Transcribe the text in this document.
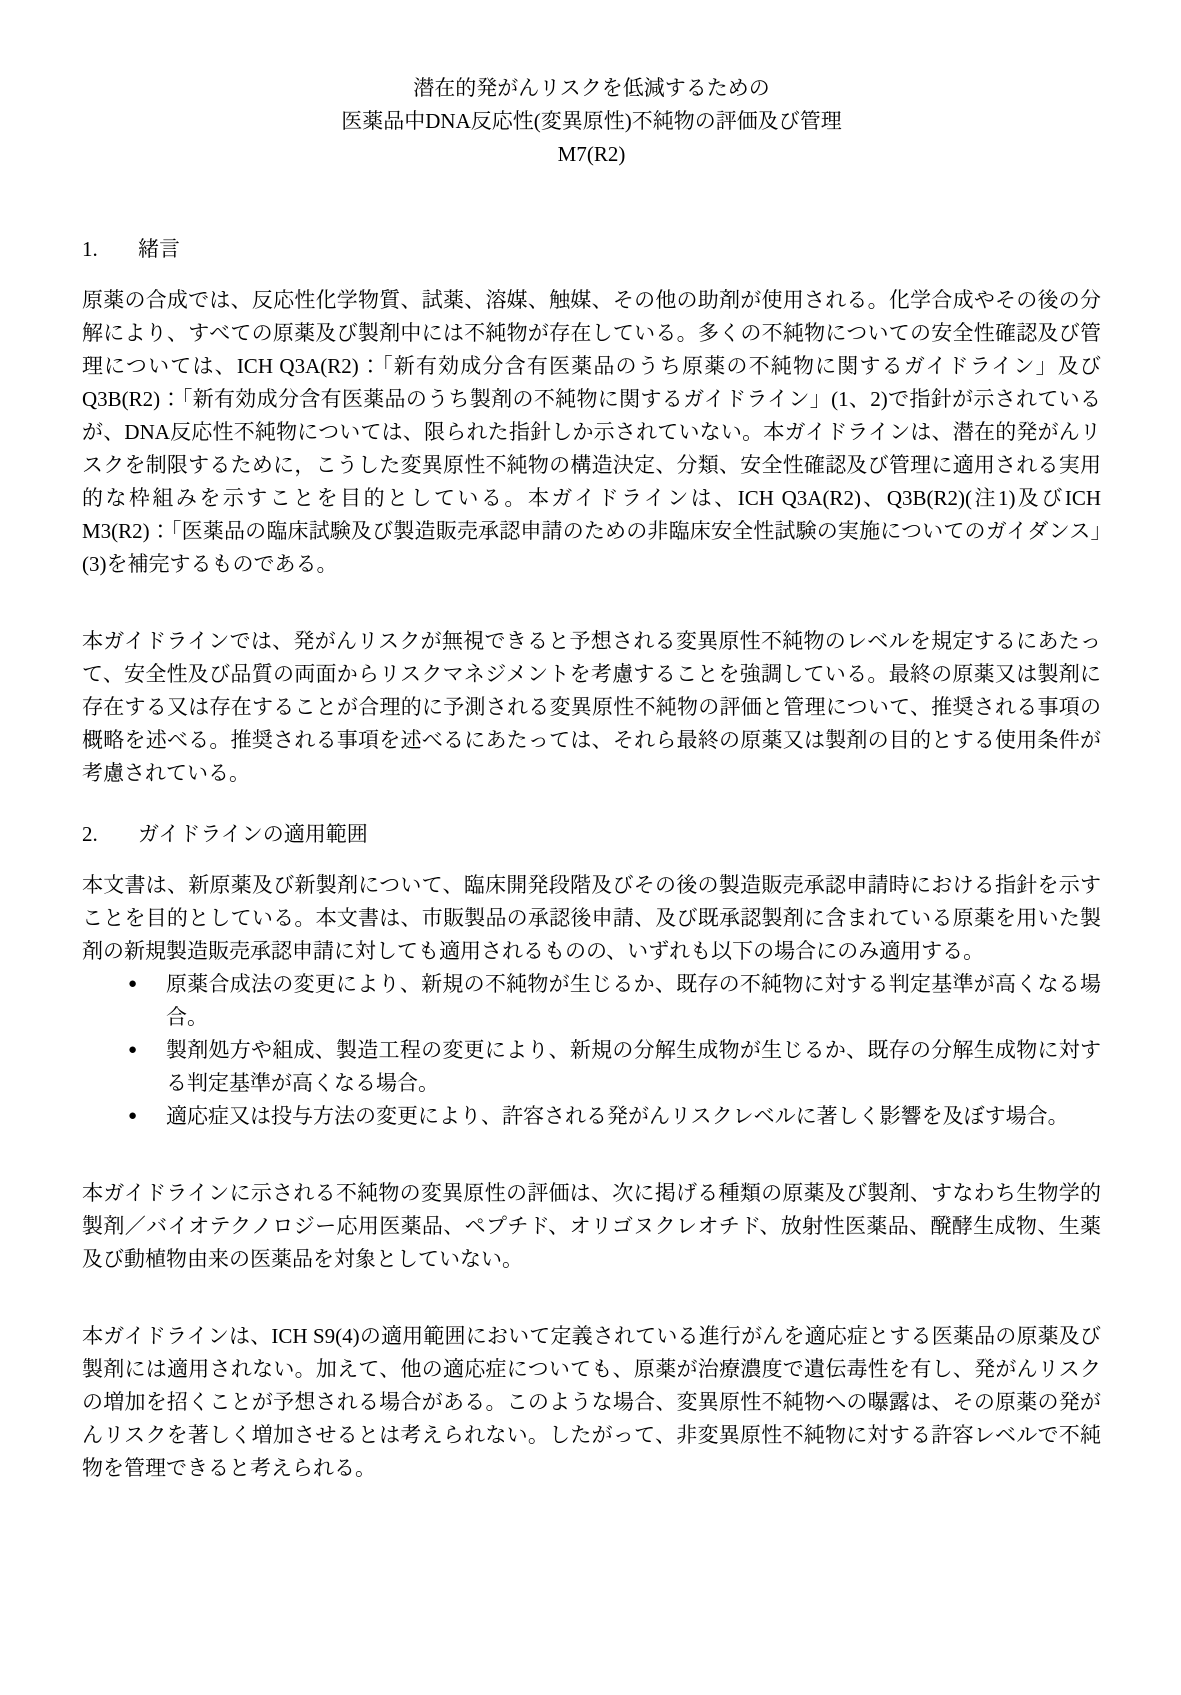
潜在的発がんリスクを低減するための
医薬品中DNA反応性(変異原性)不純物の評価及び管理
M7(R2)
1. 緒言

原薬の合成では、反応性化学物質、試薬、溶媒、触媒、その他の助剤が使用される。化学合成やその後の分解により、すべての原薬及び製剤中には不純物が存在している。多くの不純物についての安全性確認及び管理については、ICH Q3A(R2)：「新有効成分含有医薬品のうち原薬の不純物に関するガイドライン」及びQ3B(R2)：「新有効成分含有医薬品のうち製剤の不純物に関するガイドライン」(1、2)で指針が示されているが、DNA反応性不純物については、限られた指針しか示されていない。本ガイドラインは、潜在的発がんリスクを制限するために，こうした変異原性不純物の構造決定、分類、安全性確認及び管理に適用される実用的な枠組みを示すことを目的としている。本ガイドラインは、ICH Q3A(R2)、Q3B(R2)(注1)及びICH M3(R2)：「医薬品の臨床試験及び製造販売承認申請のための非臨床安全性試験の実施についてのガイダンス」(3)を補完するものである。

本ガイドラインでは、発がんリスクが無視できると予想される変異原性不純物のレベルを規定するにあたって、安全性及び品質の両面からリスクマネジメントを考慮することを強調している。最終の原薬又は製剤に存在する又は存在することが合理的に予測される変異原性不純物の評価と管理について、推奨される事項の概略を述べる。推奨される事項を述べるにあたっては、それら最終の原薬又は製剤の目的とする使用条件が考慮されている。

2. ガイドラインの適用範囲

本文書は、新原薬及び新製剤について、臨床開発段階及びその後の製造販売承認申請時における指針を示すことを目的としている。本文書は、市販製品の承認後申請、及び既承認製剤に含まれている原薬を用いた製剤の新規製造販売承認申請に対しても適用されるものの、いずれも以下の場合にのみ適用する。

● 原薬合成法の変更により、新規の不純物が生じるか、既存の不純物に対する判定基準が高くなる場合。
● 製剤処方や組成、製造工程の変更により、新規の分解生成物が生じるか、既存の分解生成物に対する判定基準が高くなる場合。
● 適応症又は投与方法の変更により、許容される発がんリスクレベルに著しく影響を及ぼす場合。

本ガイドラインに示される不純物の変異原性の評価は、次に掲げる種類の原薬及び製剤、すなわち生物学的製剤／バイオテクノロジー応用医薬品、ペプチド、オリゴヌクレオチド、放射性医薬品、醗酵生成物、生薬及び動植物由来の医薬品を対象としていない。

本ガイドラインは、ICH S9(4)の適用範囲において定義されている進行がんを適応症とする医薬品の原薬及び製剤には適用されない。加えて、他の適応症についても、原薬が治療濃度で遺伝毒性を有し、発がんリスクの増加を招くことが予想される場合がある。このような場合、変異原性不純物への曝露は、その原薬の発がんリスクを著しく増加させるとは考えられない。したがって、非変異原性不純物に対する許容レベルで不純物を管理できると考えられる。
